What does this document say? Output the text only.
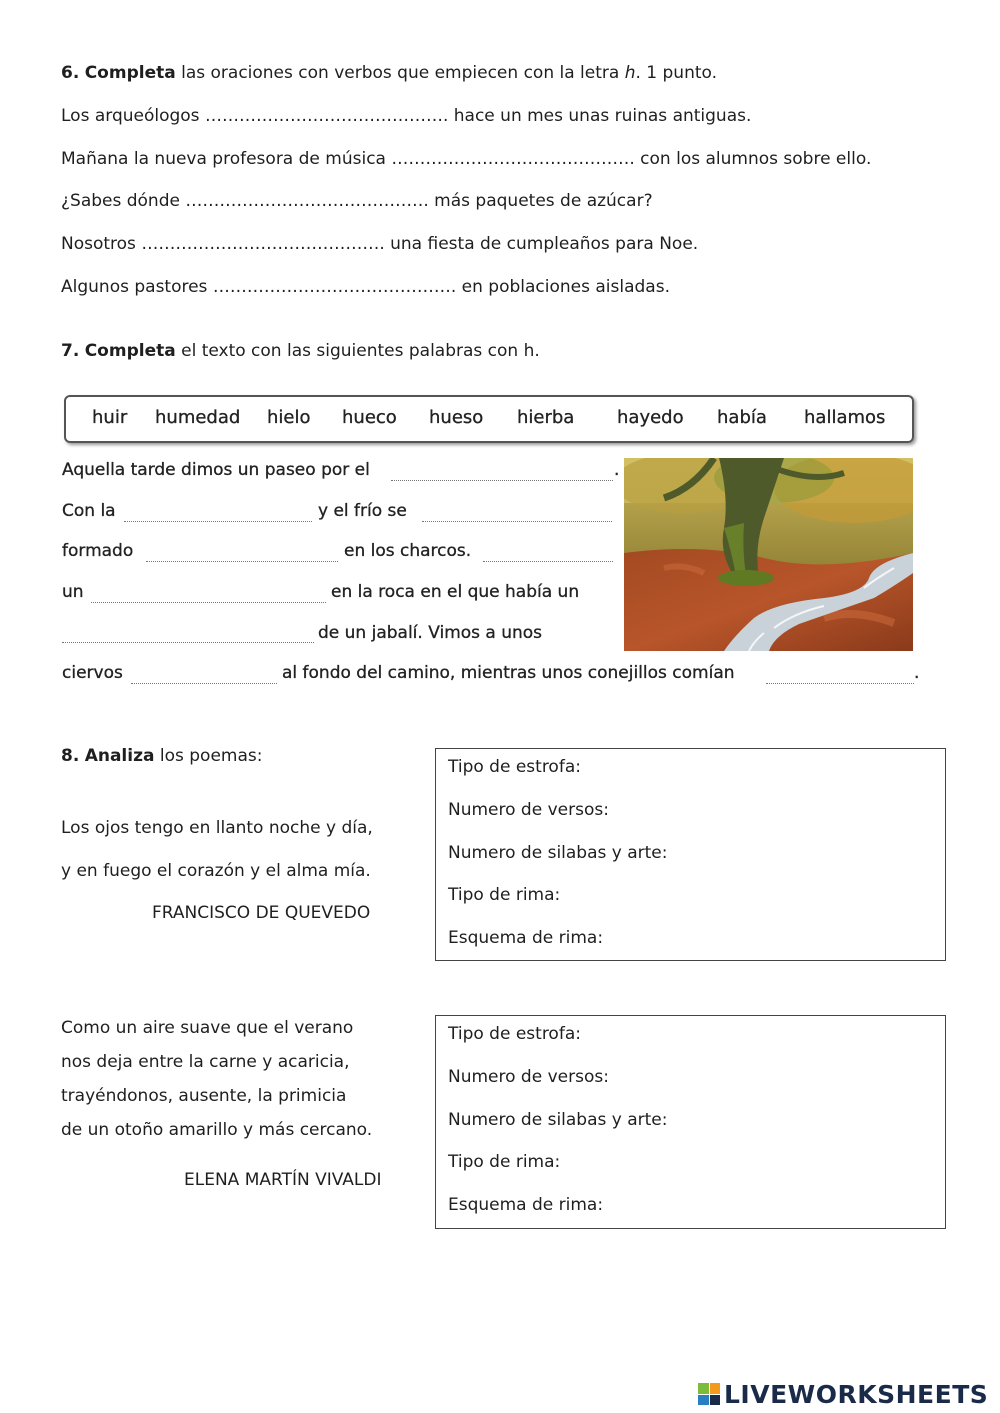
6. Completa las oraciones con verbos que empiecen con la letra h. 1 punto.
Los arqueólogos ……………………………………. hace un mes unas ruinas antiguas.
Mañana la nueva profesora de música ……………………………………. con los alumnos sobre ello.
¿Sabes dónde ……………………………………. más paquetes de azúcar?
Nosotros ……………………………………. una fiesta de cumpleaños para Noe.
Algunos pastores ……………………………………. en poblaciones aisladas.
7. Completa el texto con las siguientes palabras con h.
huir humedad hielo hueco hueso hierba hayedo había hallamos
Aquella tarde dimos un paseo por el	.
Con la	y el frío se
formado	en los charcos.
un	en la roca en el que había un
de un jabalí. Vimos a unos
ciervos	al fondo del camino, mientras unos conejillos comían	.
8. Analiza los poemas:
Los ojos tengo en llanto noche y día,
y en fuego el corazón y el alma mía.
FRANCISCO DE QUEVEDO
Tipo de estrofa:
Numero de versos:
Numero de silabas y arte:
Tipo de rima:
Esquema de rima:
Como un aire suave que el verano
nos deja entre la carne y acaricia,
trayéndonos, ausente, la primicia
de un otoño amarillo y más cercano.
ELENA MARTÍN VIVALDI
Tipo de estrofa:
Numero de versos:
Numero de silabas y arte:
Tipo de rima:
Esquema de rima:
LIVEWORKSHEETS
